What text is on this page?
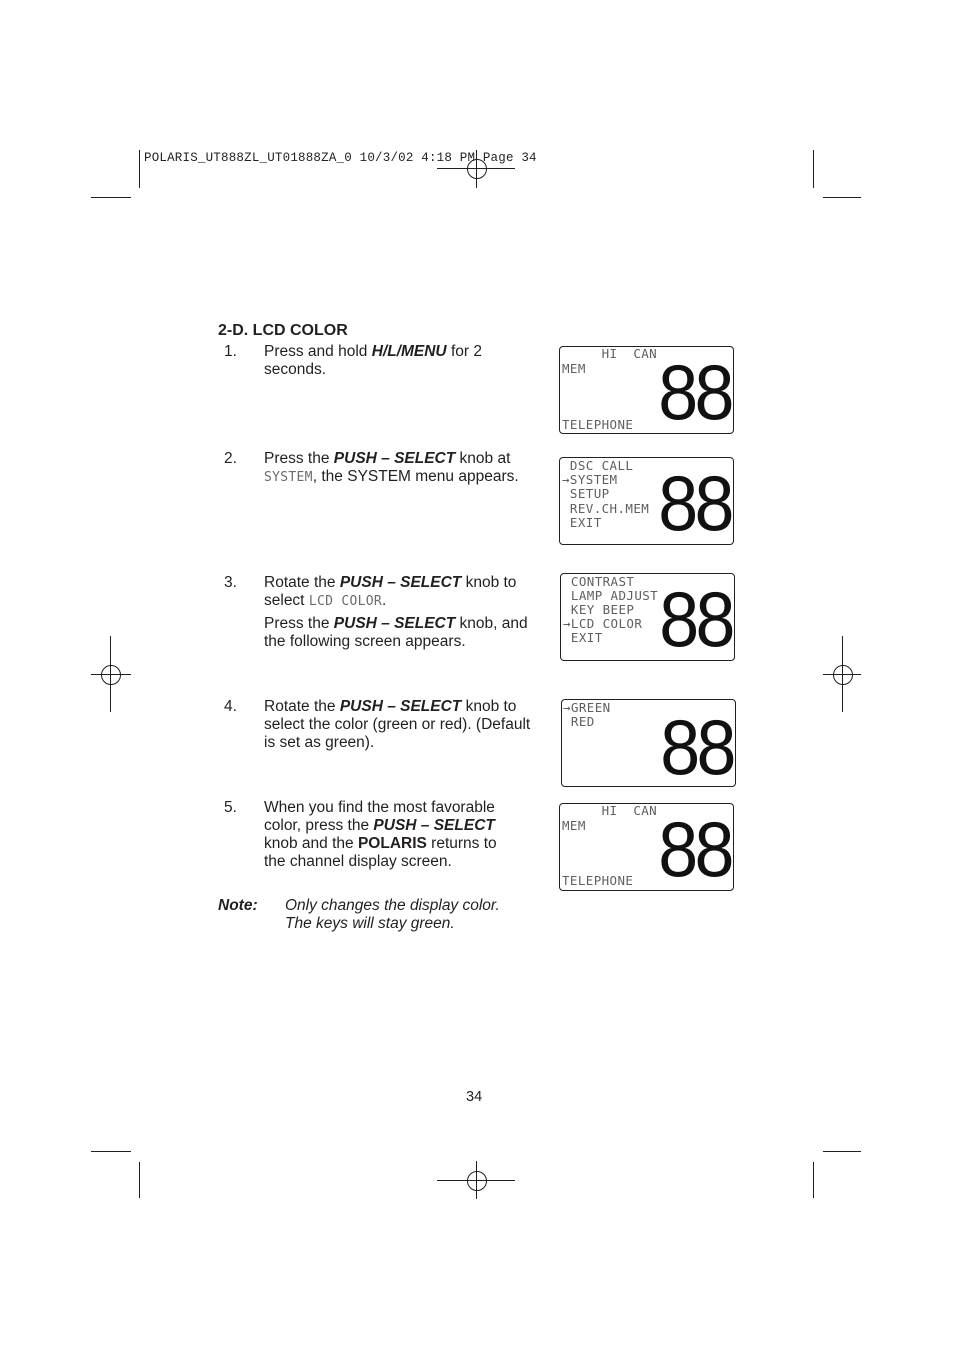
POLARIS_UT888ZL_UT01888ZA_0 10/3/02 4:18 PM Page 34
2-D. LCD COLOR
1. Press and hold H/L/MENU for 2 seconds.

2. Press the PUSH – SELECT knob at SYSTEM, the SYSTEM menu appears.

3. Rotate the PUSH – SELECT knob to select LCD COLOR.

Press the PUSH – SELECT knob, and the following screen appears.

4. Rotate the PUSH – SELECT knob to select the color (green or red). (Default is set as green).

5. When you find the most favorable color, press the PUSH – SELECT knob and the POLARIS returns to the channel display screen.

HI  CAN
MEM
TELEPHONE 88
DSC CALL
→SYSTEM
SETUP
REV.CH.MEM
EXIT 88
CONTRAST
LAMP ADJUST
KEY BEEP
→LCD COLOR
EXIT 88
→GREEN
RED 88
HI  CAN
MEM
TELEPHONE 88
Note: Only changes the display color.
The keys will stay green.
34
